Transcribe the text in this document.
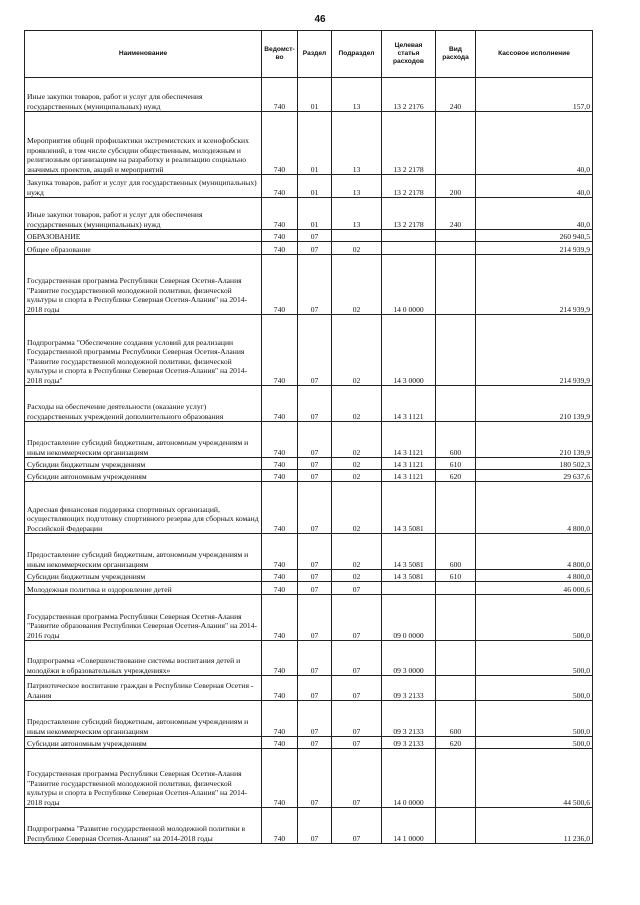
46
Наименование	Ведомст-во	Раздел	Подраздел	Целевая статья расходов	Вид расхода	Кассовое исполнение
Иные закупки товаров, работ и услуг для обеспечения государственных (муниципальных) нужд	740	01	13	13 2 2176	240	157,0
Мероприятия общей профилактики экстремистских и ксенофобских проявлений, в том числе субсидии общественным, молодежным и религиозным организациям на разработку и реализацию социально значимых проектов, акций и мероприятий	740	01	13	13 2 2178		40,0
Закупка товаров, работ и услуг для государственных (муниципальных) нужд	740	01	13	13 2 2178	200	40,0
Иные закупки товаров, работ и услуг для обеспечения государственных (муниципальных) нужд	740	01	13	13 2 2178	240	40,0
ОБРАЗОВАНИЕ	740	07				260 940,5
Общее образование	740	07	02			214 939,9
Государственная программа Республики Северная Осетия-Алания "Развитие государственной молодежной политики, физической культуры и спорта в Республике Северная Осетия-Алания" на 2014-2018 годы	740	07	02	14 0 0000		214 939,9
Подпрограмма "Обеспечение создания условий для реализации Государственной программы Республики Северная Осетия-Алания "Развитие государственной молодежной политики, физической культуры и спорта в Республике Северная Осетия-Алания" на 2014-2018 годы"	740	07	02	14 3 0000		214 939,9
Расходы на обеспечение деятельности (оказание услуг) государственных учреждений дополнительного образования	740	07	02	14 3 1121		210 139,9
Предоставление субсидий бюджетным, автономным учреждениям и иным некоммерческим организациям	740	07	02	14 3 1121	600	210 139,9
Субсидии бюджетным учреждениям	740	07	02	14 3 1121	610	180 502,3
Субсидии автономным учреждениям	740	07	02	14 3 1121	620	29 637,6
Адресная финансовая поддержка спортивных организаций, осуществляющих подготовку спортивного резерва для сборных команд Российской Федерации	740	07	02	14 3 5081		4 800,0
Предоставление субсидий бюджетным, автономным учреждениям и иным некоммерческим организациям	740	07	02	14 3 5081	600	4 800,0
Субсидии бюджетным учреждениям	740	07	02	14 3 5081	610	4 800,0
Молодежная политика и оздоровление детей	740	07	07			46 000,6
Государственная программа Республики Северная Осетия-Алания "Развитие образования Республики Северная Осетия-Алания" на 2014-2016 годы	740	07	07	09 0 0000		500,0
Подпрограмма «Совершенствование системы воспитания детей и молодёжи в образовательных учреждениях»	740	07	07	09 3 0000		500,0
Патриотическое воспитание граждан в Республике Северная Осетия - Алания	740	07	07	09 3 2133		500,0
Предоставление субсидий бюджетным, автономным учреждениям и иным некоммерческим организациям	740	07	07	09 3 2133	600	500,0
Субсидии автономным учреждениям	740	07	07	09 3 2133	620	500,0
Государственная программа Республики Северная Осетия-Алания "Развитие государственной молодежной политики, физической культуры и спорта в Республике Северная Осетия-Алания" на 2014-2018 годы	740	07	07	14 0 0000		44 500,6
Подпрограмма "Развитие государственной молодежной политики в Республике Северная Осетия-Алания" на 2014-2018 годы	740	07	07	14 1 0000		11 236,0
